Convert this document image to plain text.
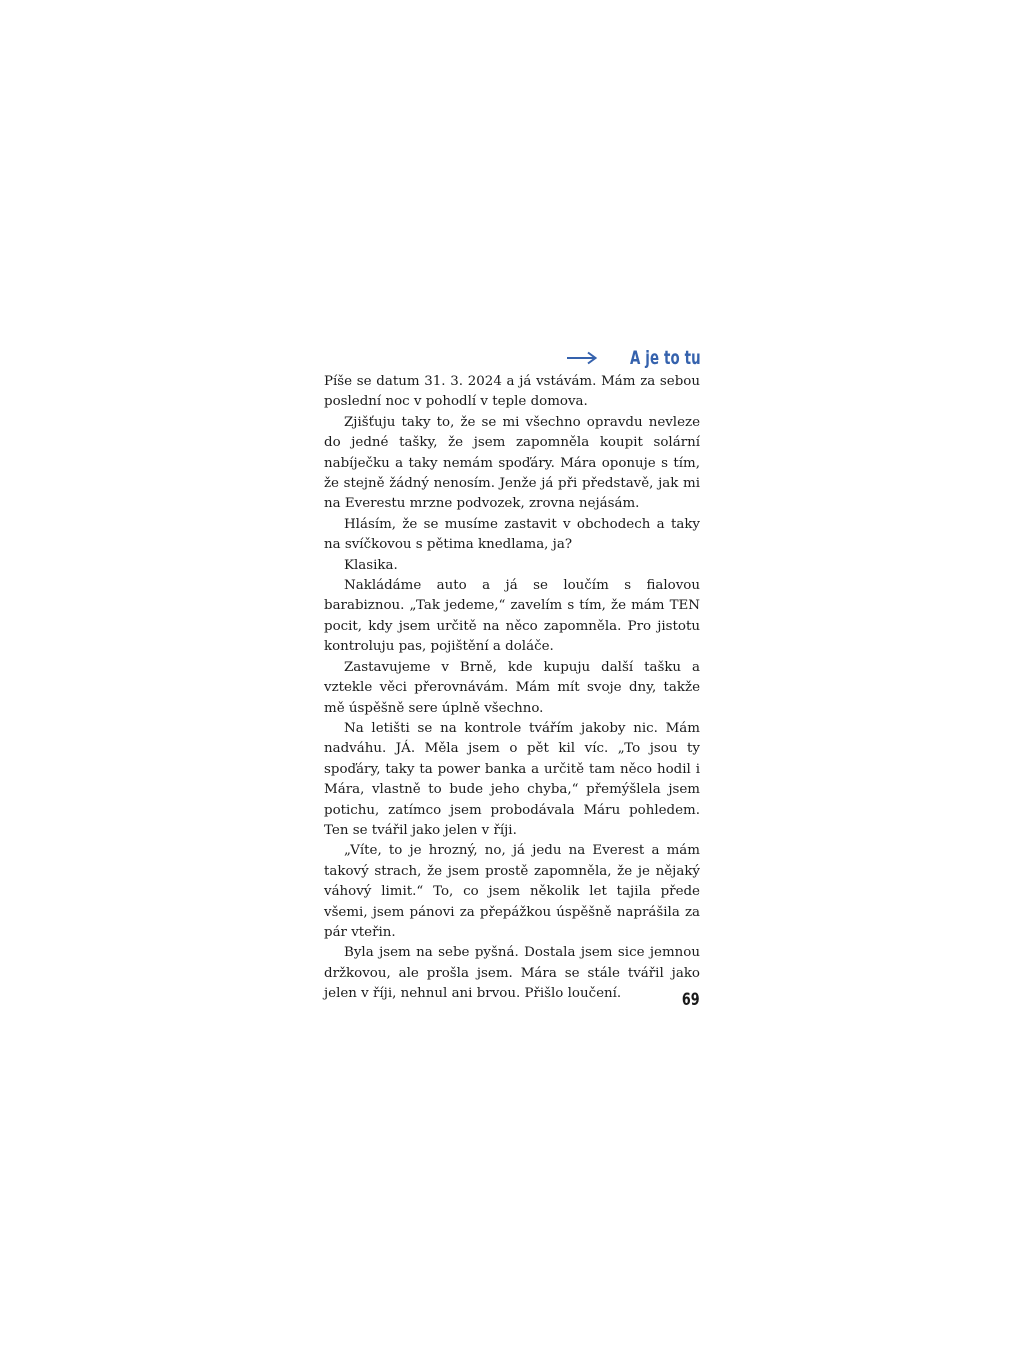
A je to tu

Píše se datum 31. 3. 2024 a já vstávám. Mám za sebou poslední noc v pohodlí v teple domova.

Zjišťuju taky to, že se mi všechno opravdu nevleze do jedné tašky, že jsem zapomněla koupit solární nabíječku a taky nemám spoďáry. Mára oponuje s tím, že stejně žádný nenosím. Jenže já při představě, jak mi na Everestu mrzne podvozek, zrovna nejásám.

Hlásím, že se musíme zastavit v obchodech a taky na svíčkovou s pětima knedlama, ja?

Klasika.

Nakládáme auto a já se loučím s fialovou barabiznou. „Tak jedeme,“ zavelím s tím, že mám TEN pocit, kdy jsem určitě na něco zapomněla. Pro jistotu kontroluju pas, pojištění a doláče.

Zastavujeme v Brně, kde kupuju další tašku a vztekle věci přerovnávám. Mám mít svoje dny, takže mě úspěšně sere úplně všechno.

Na letišti se na kontrole tvářím jakoby nic. Mám nadváhu. JÁ. Měla jsem o pět kil víc. „To jsou ty spoďáry, taky ta power banka a určitě tam něco hodil i Mára, vlastně to bude jeho chyba,“ přemýšlela jsem potichu, zatímco jsem probodávala Máru pohledem. Ten se tvářil jako jelen v říji.

„Víte, to je hrozný, no, já jedu na Everest a mám takový strach, že jsem prostě zapomněla, že je nějaký váhový limit.“ To, co jsem několik let tajila přede všemi, jsem pánovi za přepážkou úspěšně naprášila za pár vteřin.

Byla jsem na sebe pyšná. Dostala jsem sice jemnou držkovou, ale prošla jsem. Mára se stále tvářil jako jelen v říji, nehnul ani brvou. Přišlo loučení.	69
